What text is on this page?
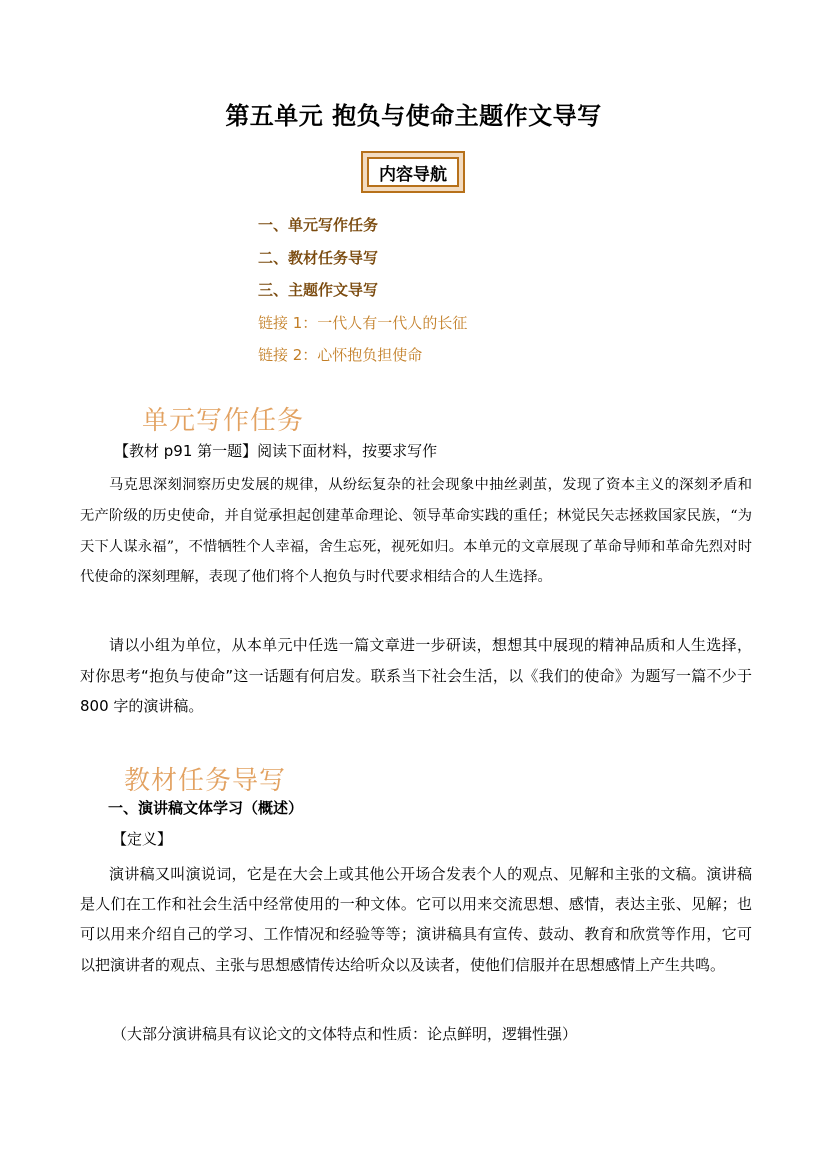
第五单元 抱负与使命主题作文导写
内容导航
一、单元写作任务
二、教材任务导写
三、主题作文导写
链接 1：一代人有一代人的长征
链接 2：心怀抱负担使命
单元写作任务
【教材 p91 第一题】阅读下面材料，按要求写作
马克思深刻洞察历史发展的规律，从纷纭复杂的社会现象中抽丝剥茧，发现了资本主义的深刻矛盾和无产阶级的历史使命，并自觉承担起创建革命理论、领导革命实践的重任；林觉民矢志拯救国家民族，“为天下人谋永福”，不惜牺牲个人幸福，舍生忘死，视死如归。本单元的文章展现了革命导师和革命先烈对时代使命的深刻理解，表现了他们将个人抱负与时代要求相结合的人生选择。
请以小组为单位，从本单元中任选一篇文章进一步研读，想想其中展现的精神品质和人生选择，对你思考“抱负与使命”这一话题有何启发。联系当下社会生活，以《我们的使命》为题写一篇不少于 800 字的演讲稿。
教材任务导写
一、演讲稿文体学习（概述）
【定义】
演讲稿又叫演说词，它是在大会上或其他公开场合发表个人的观点、见解和主张的文稿。演讲稿是人们在工作和社会生活中经常使用的一种文体。它可以用来交流思想、感情，表达主张、见解；也可以用来介绍自己的学习、工作情况和经验等等；演讲稿具有宣传、鼓动、教育和欣赏等作用，它可以把演讲者的观点、主张与思想感情传达给听众以及读者，使他们信服并在思想感情上产生共鸣。
（大部分演讲稿具有议论文的文体特点和性质：论点鲜明，逻辑性强）
